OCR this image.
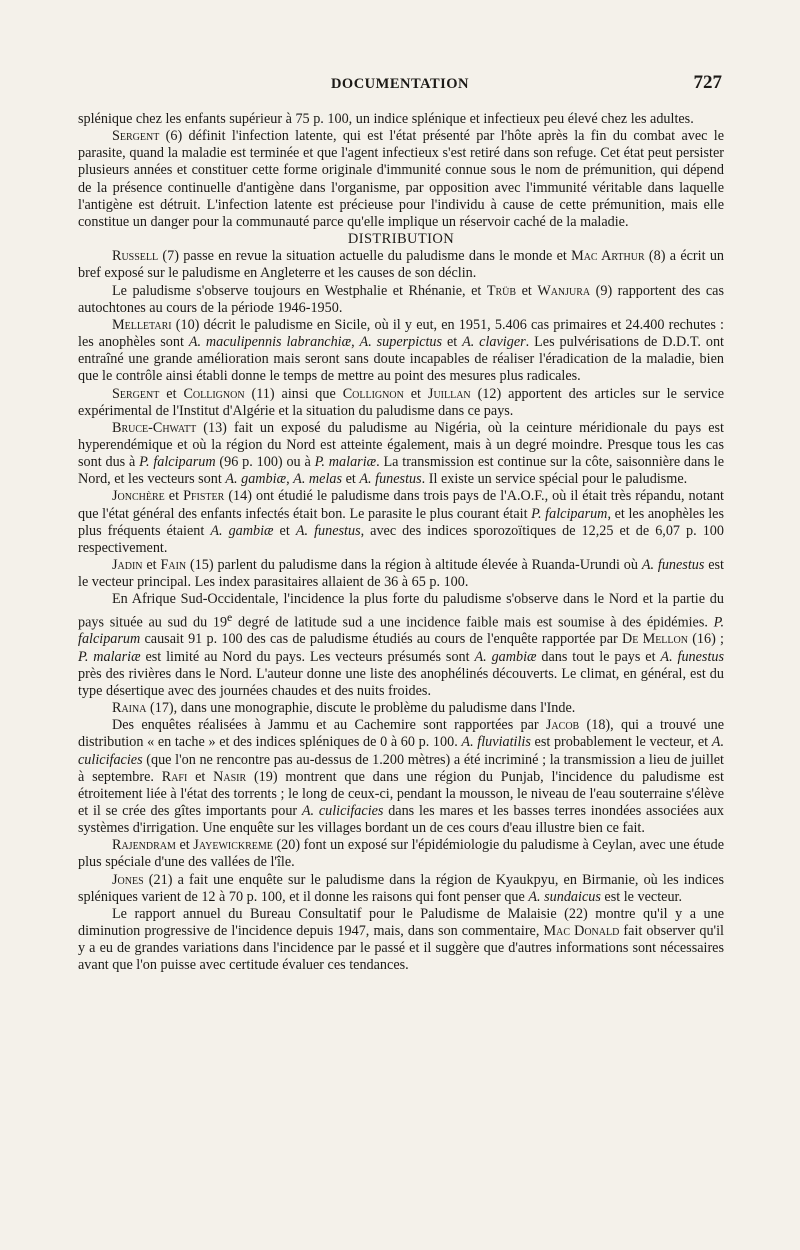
DOCUMENTATION	727

splénique chez les enfants supérieur à 75 p. 100, un indice splénique et infectieux peu élevé chez les adultes.

Sergent (6) définit l'infection latente, qui est l'état présenté par l'hôte après la fin du combat avec le parasite, quand la maladie est terminée et que l'agent infectieux s'est retiré dans son refuge. Cet état peut persister plusieurs années et constituer cette forme originale d'immunité connue sous le nom de prémunition, qui dépend de la présence continuelle d'antigène dans l'organisme, par opposition avec l'immunité véritable dans laquelle l'antigène est détruit. L'infection latente est précieuse pour l'individu à cause de cette prémunition, mais elle constitue un danger pour la communauté parce qu'elle implique un réservoir caché de la maladie.

DISTRIBUTION

Russell (7) passe en revue la situation actuelle du paludisme dans le monde et Mac Arthur (8) a écrit un bref exposé sur le paludisme en Angleterre et les causes de son déclin.

Le paludisme s'observe toujours en Westphalie et Rhénanie, et Trüb et Wanjura (9) rapportent des cas autochtones au cours de la période 1946-1950.

Melletari (10) décrit le paludisme en Sicile, où il y eut, en 1951, 5.406 cas primaires et 24.400 rechutes : les anophèles sont A. maculipennis labranchiæ, A. superpictus et A. claviger. Les pulvérisations de D.D.T. ont entraîné une grande amélioration mais seront sans doute incapables de réaliser l'éradication de la maladie, bien que le contrôle ainsi établi donne le temps de mettre au point des mesures plus radicales.

Sergent et Collignon (11) ainsi que Collignon et Juillan (12) apportent des articles sur le service expérimental de l'Institut d'Algérie et la situation du paludisme dans ce pays.

Bruce-Chwatt (13) fait un exposé du paludisme au Nigéria, où la ceinture méridionale du pays est hyperendémique et où la région du Nord est atteinte également, mais à un degré moindre. Presque tous les cas sont dus à P. falciparum (96 p. 100) ou à P. malariæ. La transmission est continue sur la côte, saisonnière dans le Nord, et les vecteurs sont A. gambiæ, A. melas et A. funestus. Il existe un service spécial pour le paludisme.

Jonchère et Pfister (14) ont étudié le paludisme dans trois pays de l'A.O.F., où il était très répandu, notant que l'état général des enfants infectés était bon. Le parasite le plus courant était P. falciparum, et les anophèles les plus fréquents étaient A. gambiæ et A. funestus, avec des indices sporozoïtiques de 12,25 et de 6,07 p. 100 respectivement.

Jadin et Fain (15) parlent du paludisme dans la région à altitude élevée à Ruanda-Urundi où A. funestus est le vecteur principal. Les index parasitaires allaient de 36 à 65 p. 100.

En Afrique Sud-Occidentale, l'incidence la plus forte du paludisme s'observe dans le Nord et la partie du pays située au sud du 19e degré de latitude sud a une incidence faible mais est soumise à des épidémies. P. falciparum causait 91 p. 100 des cas de paludisme étudiés au cours de l'enquête rapportée par De Mellon (16) ; P. malariæ est limité au Nord du pays. Les vecteurs présumés sont A. gambiæ dans tout le pays et A. funestus près des rivières dans le Nord. L'auteur donne une liste des anophélinés découverts. Le climat, en général, est du type désertique avec des journées chaudes et des nuits froides.

Raina (17), dans une monographie, discute le problème du paludisme dans l'Inde.

Des enquêtes réalisées à Jammu et au Cachemire sont rapportées par Jacob (18), qui a trouvé une distribution « en tache » et des indices spléniques de 0 à 60 p. 100. A. fluviatilis est probablement le vecteur, et A. culicifacies (que l'on ne rencontre pas au-dessus de 1.200 mètres) a été incriminé ; la transmission a lieu de juillet à septembre. Rafi et Nasir (19) montrent que dans une région du Punjab, l'incidence du paludisme est étroitement liée à l'état des torrents ; le long de ceux-ci, pendant la mousson, le niveau de l'eau souterraine s'élève et il se crée des gîtes importants pour A. culicifacies dans les mares et les basses terres inondées associées aux systèmes d'irrigation. Une enquête sur les villages bordant un de ces cours d'eau illustre bien ce fait.

Rajendram et Jayewickreme (20) font un exposé sur l'épidémiologie du paludisme à Ceylan, avec une étude plus spéciale d'une des vallées de l'île.

Jones (21) a fait une enquête sur le paludisme dans la région de Kyaukpyu, en Birmanie, où les indices spléniques varient de 12 à 70 p. 100, et il donne les raisons qui font penser que A. sundaicus est le vecteur.

Le rapport annuel du Bureau Consultatif pour le Paludisme de Malaisie (22) montre qu'il y a une diminution progressive de l'incidence depuis 1947, mais, dans son commentaire, Mac Donald fait observer qu'il y a eu de grandes variations dans l'incidence par le passé et il suggère que d'autres informations sont nécessaires avant que l'on puisse avec certitude évaluer ces tendances.
